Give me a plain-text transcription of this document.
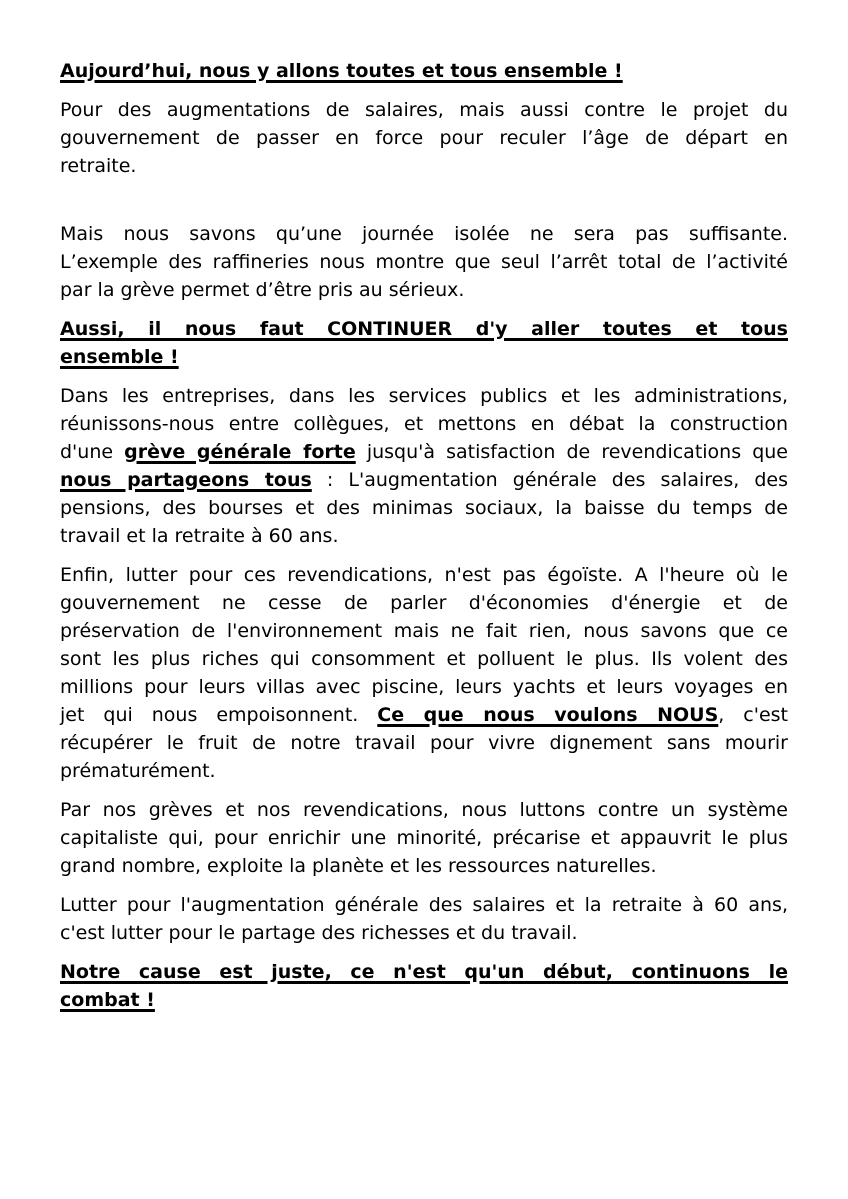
Aujourd’hui, nous y allons toutes et tous ensemble !
Pour des augmentations de salaires, mais aussi contre le projet du
gouvernement de passer en force pour reculer l’âge de départ en
retraite.
Mais nous savons qu’une journée isolée ne sera pas suffisante.
L’exemple des raffineries nous montre que seul l’arrêt total de l’activité
par la grève permet d’être pris au sérieux.
Aussi, il nous faut CONTINUER d'y aller toutes et tous
ensemble !
Dans les entreprises, dans les services publics et les administrations,
réunissons-nous entre collègues, et mettons en débat la construction
d'une grève générale forte jusqu'à satisfaction de revendications que
nous partageons tous : L'augmentation générale des salaires, des
pensions, des bourses et des minimas sociaux, la baisse du temps de
travail et la retraite à 60 ans.
Enfin, lutter pour ces revendications, n'est pas égoïste. A l'heure où le
gouvernement ne cesse de parler d'économies d'énergie et de
préservation de l'environnement mais ne fait rien, nous savons que ce
sont les plus riches qui consomment et polluent le plus. Ils volent des
millions pour leurs villas avec piscine, leurs yachts et leurs voyages en
jet qui nous empoisonnent. Ce que nous voulons NOUS, c'est
récupérer le fruit de notre travail pour vivre dignement sans mourir
prématurément.
Par nos grèves et nos revendications, nous luttons contre un système
capitaliste qui, pour enrichir une minorité, précarise et appauvrit le plus
grand nombre, exploite la planète et les ressources naturelles.
Lutter pour l'augmentation générale des salaires et la retraite à 60 ans,
c'est lutter pour le partage des richesses et du travail.
Notre cause est juste, ce n'est qu'un début, continuons le
combat !
